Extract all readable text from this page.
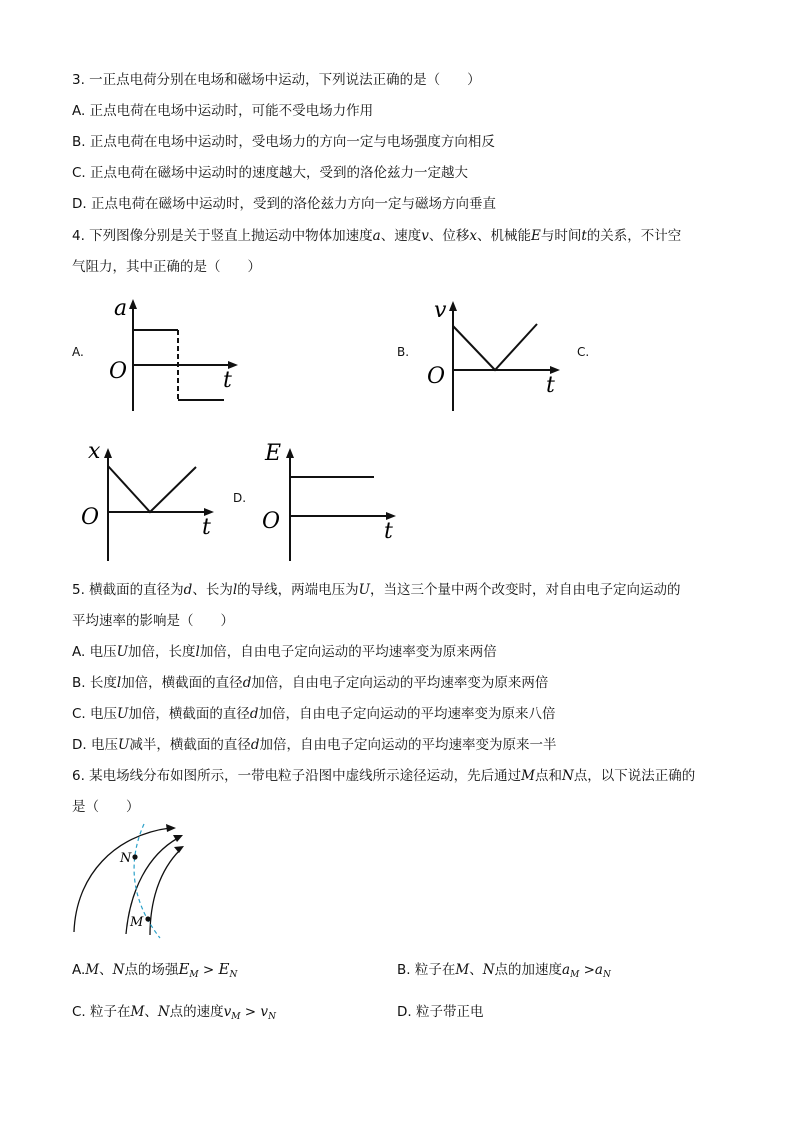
3. 一正点电荷分别在电场和磁场中运动，下列说法正确的是（　　）
A. 正点电荷在电场中运动时，可能不受电场力作用
B. 正点电荷在电场中运动时，受电场力的方向一定与电场强度方向相反
C. 正点电荷在磁场中运动时的速度越大，受到的洛伦兹力一定越大
D. 正点电荷在磁场中运动时，受到的洛伦兹力方向一定与磁场方向垂直
4. 下列图像分别是关于竖直上抛运动中物体加速度a、速度v、位移x、机械能E与时间t的关系，不计空
气阻力，其中正确的是（　　）
A.	B.	C.
D.
a
O	t
v
O	t
x
O	t
E
O	t
5. 横截面的直径为d、长为l的导线，两端电压为U，当这三个量中两个改变时，对自由电子定向运动的
平均速率的影响是（　　）
A. 电压U加倍，长度l加倍，自由电子定向运动的平均速率变为原来两倍
B. 长度l加倍，横截面的直径d加倍，自由电子定向运动的平均速率变为原来两倍
C. 电压U加倍，横截面的直径d加倍，自由电子定向运动的平均速率变为原来八倍
D. 电压U减半，横截面的直径d加倍，自由电子定向运动的平均速率变为原来一半
6. 某电场线分布如图所示，一带电粒子沿图中虚线所示途径运动，先后通过M点和N点，以下说法正确的
是（　　）
N
M
A.M、N点的场强$E_M > E_N$	B. 粒子在M、N点的加速度$a_M >a_N$
C. 粒子在M、N点的速度$v_M > v_N$	D. 粒子带正电
